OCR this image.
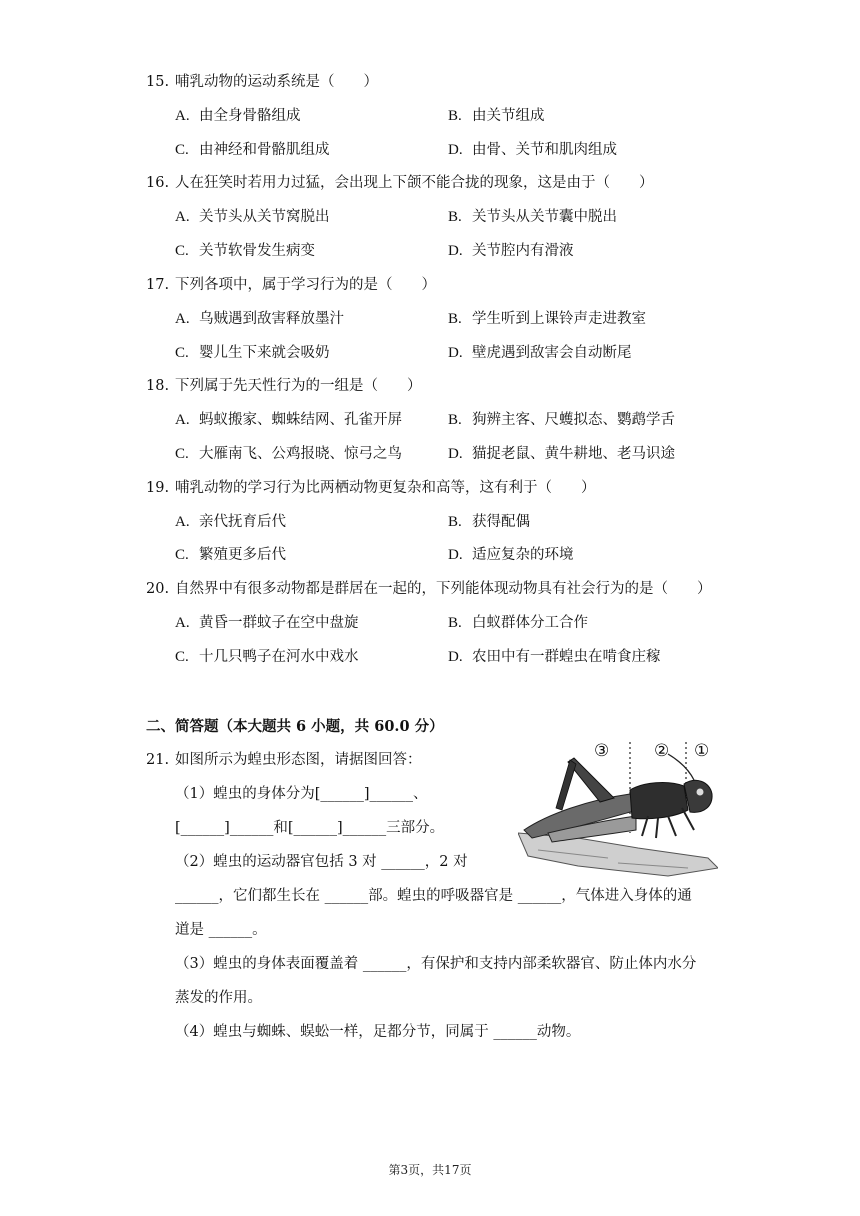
15. 哺乳动物的运动系统是（　　）
A. 由全身骨骼组成	B. 由关节组成
C. 由神经和骨骼肌组成	D. 由骨、关节和肌肉组成
16. 人在狂笑时若用力过猛，会出现上下颌不能合拢的现象，这是由于（　　）
A. 关节头从关节窝脱出	B. 关节头从关节囊中脱出
C. 关节软骨发生病变	D. 关节腔内有滑液
17. 下列各项中，属于学习行为的是（　　）
A. 乌贼遇到敌害释放墨汁	B. 学生听到上课铃声走进教室
C. 婴儿生下来就会吸奶	D. 壁虎遇到敌害会自动断尾
18. 下列属于先天性行为的一组是（　　）
A. 蚂蚁搬家、蜘蛛结网、孔雀开屏	B. 狗辨主客、尺蠖拟态、鹦鹉学舌
C. 大雁南飞、公鸡报晓、惊弓之鸟	D. 猫捉老鼠、黄牛耕地、老马识途
19. 哺乳动物的学习行为比两栖动物更复杂和高等，这有利于（　　）
A. 亲代抚育后代	B. 获得配偶
C. 繁殖更多后代	D. 适应复杂的环境
20. 自然界中有很多动物都是群居在一起的，下列能体现动物具有社会行为的是（　　）
A. 黄昏一群蚊子在空中盘旋	B. 白蚁群体分工合作
C. 十几只鸭子在河水中戏水	D. 农田中有一群蝗虫在啃食庄稼
二、简答题（本大题共 6 小题，共 60.0 分）
21. 如图所示为蝗虫形态图，请据图回答：
（1）蝗虫的身体分为[______]______、
[______]______和[______]______三部分。
（2）蝗虫的运动器官包括 3 对 ______，2 对
______，它们都生长在 ______部。蝗虫的呼吸器官是 ______，气体进入身体的通
道是 ______。
（3）蝗虫的身体表面覆盖着 ______，有保护和支持内部柔软器官、防止体内水分
蒸发的作用。
（4）蝗虫与蜘蛛、蜈蚣一样，足都分节，同属于 ______动物。
③	② ①
第3页，共17页
